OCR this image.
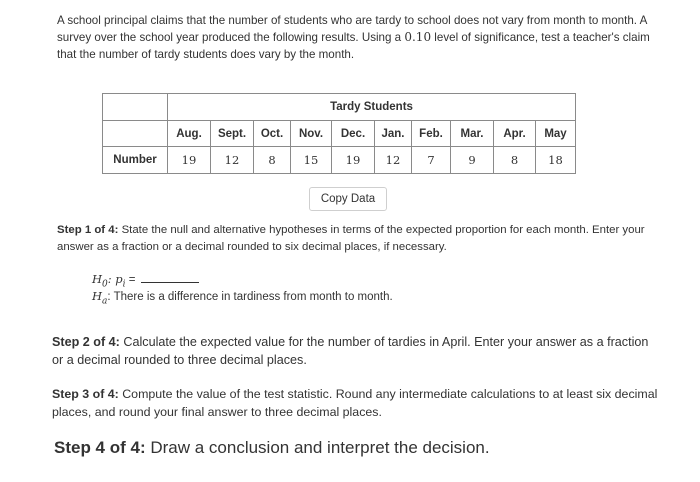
A school principal claims that the number of students who are tardy to school does not vary from month to month. A survey over the school year produced the following results. Using a 0.10 level of significance, test a teacher's claim that the number of tardy students does vary by the month.
	Tardy Students									
	Aug.	Sept.	Oct.	Nov.	Dec.	Jan.	Feb.	Mar.	Apr.	May
Number	19	12	8	15	19	12	7	9	8	18
Copy Data
Step 1 of 4: State the null and alternative hypotheses in terms of the expected proportion for each month. Enter your answer as a fraction or a decimal rounded to six decimal places, if necessary.
$H_0$: $p_i$ =
$H_a$: There is a difference in tardiness from month to month.
Step 2 of 4: Calculate the expected value for the number of tardies in April. Enter your answer as a fraction or a decimal rounded to three decimal places.
Step 3 of 4: Compute the value of the test statistic. Round any intermediate calculations to at least six decimal places, and round your final answer to three decimal places.
Step 4 of 4: Draw a conclusion and interpret the decision.
